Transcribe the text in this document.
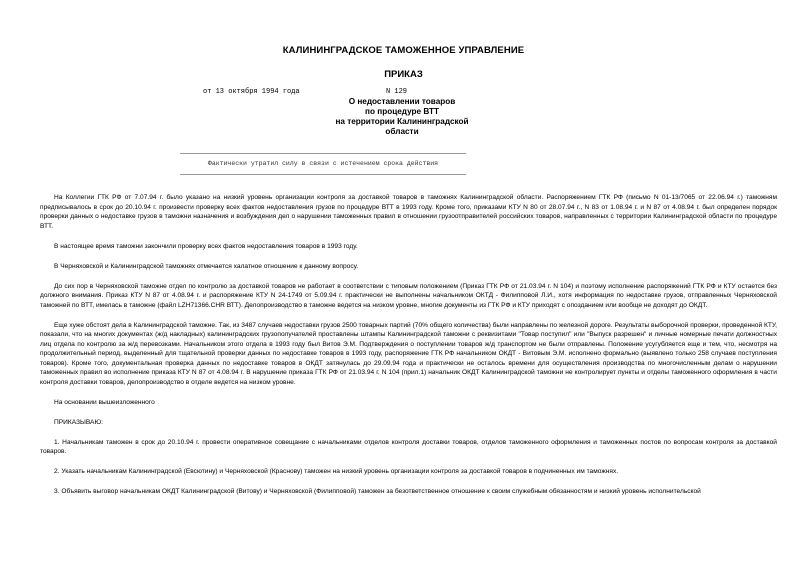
КАЛИНИНГРАДСКОЕ ТАМОЖЕННОЕ УПРАВЛЕНИЕ
ПРИКАЗ
от 13 октября 1994 года	N 129
О недоставлении товаров
по процедуре ВТТ
на территории Калининградской
области
Фактически утратил силу в связи с истечением срока действия

На Коллегии ГТК РФ от 7.07.94 г. было указано на низкий уровень организации контроля за доставкой товаров в таможнях Калининградской области. Распоряжением ГТК РФ (письмо N 01-13/7065 от 22.06.94 г.) таможням предписывалось в срок до 20.10.94 г. произвести проверку всех фактов недоставления грузов по процедуре ВТТ в 1993 году. Кроме того, приказами КТУ N 80 от 28.07.94 г., N 83 от 1.08.94 г. и N 87 от 4.08.94 г. был определен порядок проверки данных о недоставке грузов в таможни назначения и возбуждения дел о нарушении таможенных правил в отношении грузоотправителей российских товаров, направленных с территории Калининградской области по процедуре ВТТ.

В настоящее время таможни закончили проверку всех фактов недоставления товаров в 1993 году.

В Черняховской и Калининградской таможнях отмечается халатное отношение к данному вопросу.

До сих пор в Черняховской таможне отдел по контролю за доставкой товаров не работает в соответствии с типовым положением (Приказ ГТК РФ от 21.03.94 г. N 104) и поэтому исполнение распоряжений ГТК РФ и КТУ остается без должного внимания. Приказ КТУ N 87 от 4.08.94 г. и распоряжение КТУ N 24-1749 от 5.09.94 г. практически не выполнены начальником ОКТД - Филипповой Л.И., хотя информация по недоставке грузов, отправленных Черняховской таможней по ВТТ, имелась в таможне (файл LZH71366.CHR ВТТ). Делопроизводство в таможне ведется на низком уровне, многие документы из ГТК РФ и КТУ приходят с опозданием или вообще не доходят до ОКДТ.

Еще хуже обстоят дела в Калининградской таможне. Так, из 3487 случаев недоставки грузов 2500 товарных партий (70% общего количества) были направлены по железной дороге. Результаты выборочной проверки, проведенной КТУ, показали, что на многих документах (ж/д накладных) калининградских грузополучателей проставлены штампы Калининградской таможни с реквизитами "Товар поступил" или "Выпуск разрешен" и личные номерные печати должностных лиц отдела по контролю за ж/д перевозками. Начальником этого отдела в 1993 году был Витов Э.М. Подтверждения о поступлении товаров ж/д транспортом не были отправлены. Положение усугубляется еще и тем, что, несмотря на продолжительный период, выделенный для тщательной проверки данных по недоставке товаров в 1993 году, распоряжение ГТК РФ начальником ОКДТ - Витовым Э.М. исполнено формально (выявлено только 258 случаев поступления товаров). Кроме того, документальная проверка данных по недоставке товаров в ОКДТ затянулась до 29.09.94 года и практически не осталось времени для осуществления производства по многочисленным делам о нарушении таможенных правил во исполнение приказа КТУ N 87 от 4.08.94 г. В нарушение приказа ГТК РФ от 21.03.94 г. N 104 (прил.1) начальник ОКДТ Калининградской таможни не контролирует пункты и отделы таможенного оформления в части контроля доставки товаров, делопроизводство в отделе ведется на низком уровне.

На основании вышеизложенного

ПРИКАЗЫВАЮ:

1. Начальникам таможен в срок до 20.10.94 г. провести оперативное совещание с начальниками отделов контроля доставки товаров, отделов таможенного оформления и таможенных постов по вопросам контроля за доставкой товаров.

2. Указать начальникам Калининградской (Евсютину) и Черняховской (Краснову) таможен на низкий уровень организации контроля за доставкой товаров в подчиненных им таможнях.

3. Объявить выговор начальникам ОКДТ Калининградской (Витову) и Черняховской (Филипповой) таможен за безответственное отношение к своим служебным обязанностям и низкий уровень исполнительской
